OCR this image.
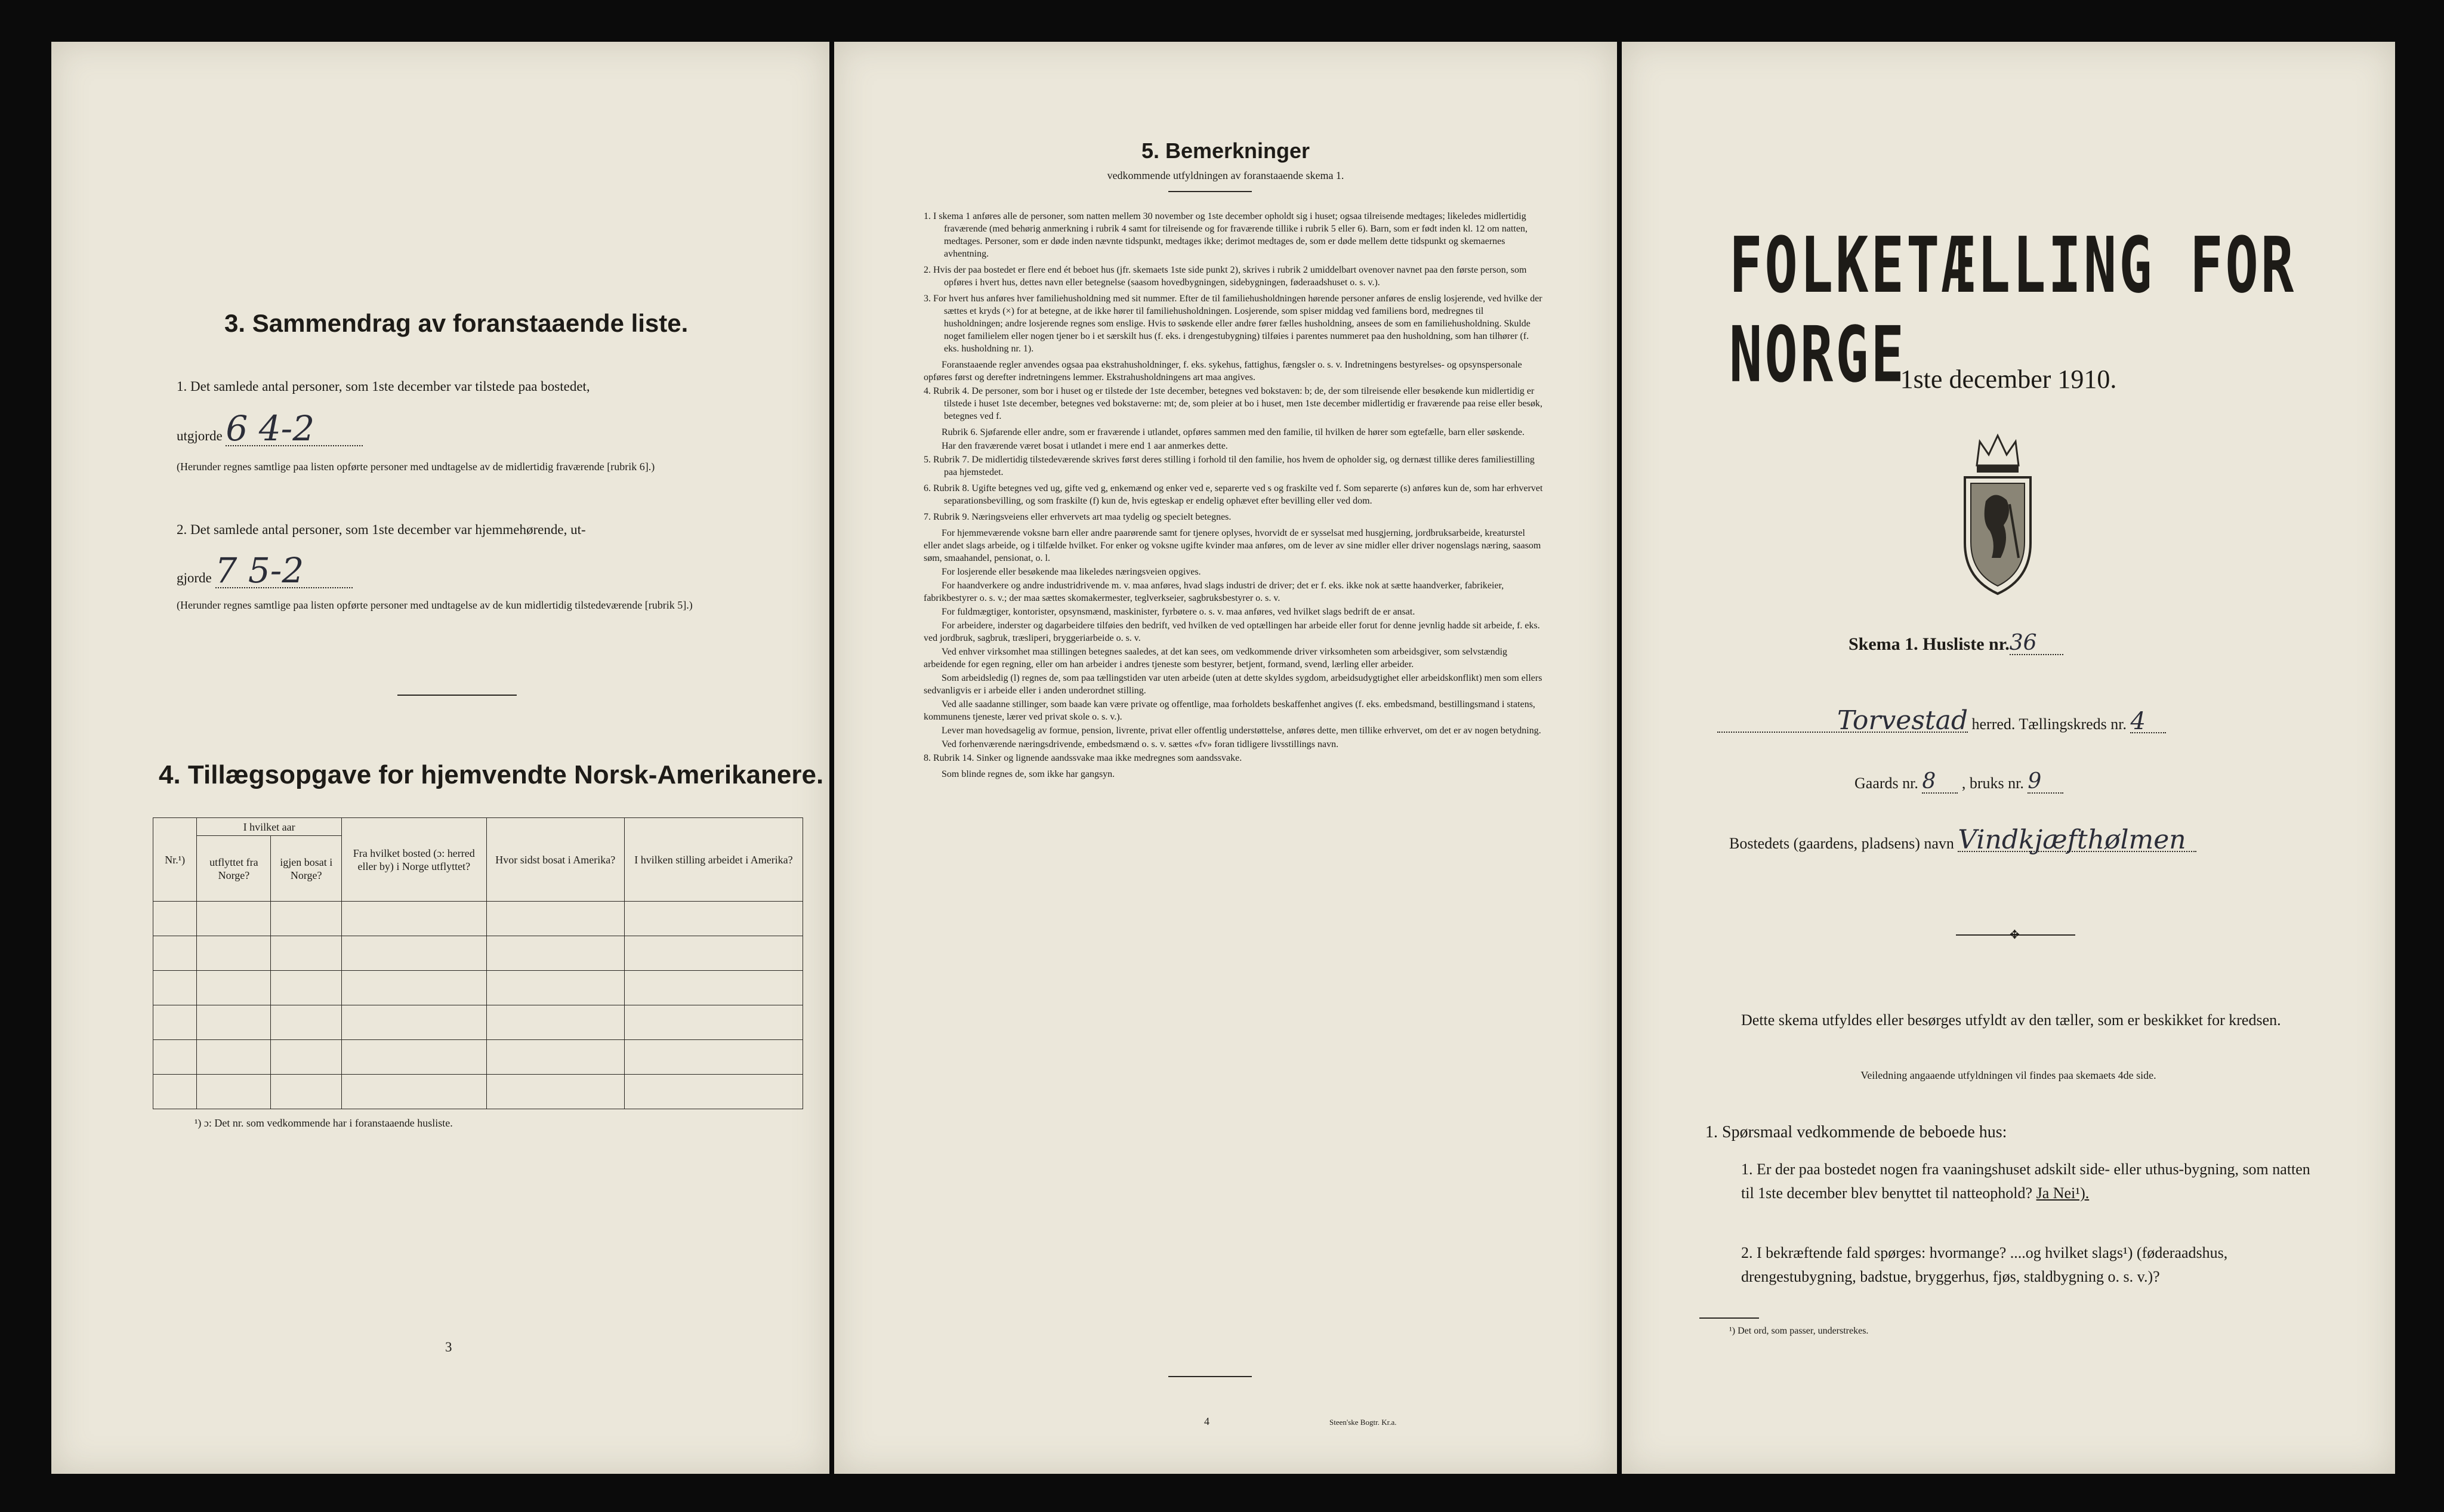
3. Sammendrag av foranstaaende liste.
1. Det samlede antal personer, som 1ste december var tilstede paa bostedet,
utgjorde 6 4-2
(Herunder regnes samtlige paa listen opførte personer med undtagelse av de midlertidig fraværende [rubrik 6].)
2. Det samlede antal personer, som 1ste december var hjemmehørende, ut-
gjorde 7 5-2
(Herunder regnes samtlige paa listen opførte personer med undtagelse av de kun midlertidig tilstedeværende [rubrik 5].)
4. Tillægsopgave for hjemvendte Norsk-Amerikanere.
Nr.¹)	I hvilket aar		Fra hvilket bosted (ɔ: herred eller by) i Norge utflyttet?	Hvor sidst bosat i Amerika?	I hvilken stilling arbeidet i Amerika?
	utflyttet fra Norge?	igjen bosat i Norge?			

¹) ɔ: Det nr. som vedkommende har i foranstaaende husliste.
3
5. Bemerkninger
vedkommende utfyldningen av foranstaaende skema 1.
1. I skema 1 anføres alle de personer, som natten mellem 30 november og 1ste december opholdt sig i huset; ogsaa tilreisende medtages; likeledes midlertidig fraværende (med behørig anmerkning i rubrik 4 samt for tilreisende og for fraværende tillike i rubrik 5 eller 6). Barn, som er født inden kl. 12 om natten, medtages. Personer, som er døde inden nævnte tidspunkt, medtages ikke; derimot medtages de, som er døde mellem dette tidspunkt og skemaernes avhentning.
2. Hvis der paa bostedet er flere end ét beboet hus (jfr. skemaets 1ste side punkt 2), skrives i rubrik 2 umiddelbart ovenover navnet paa den første person, som opføres i hvert hus, dettes navn eller betegnelse (saasom hovedbygningen, sidebygningen, føderaadshuset o. s. v.).
3. For hvert hus anføres hver familiehusholdning med sit nummer. Efter de til familiehusholdningen hørende personer anføres de enslig losjerende, ved hvilke der sættes et kryds (×) for at betegne, at de ikke hører til familiehusholdningen. Losjerende, som spiser middag ved familiens bord, medregnes til husholdningen; andre losjerende regnes som enslige. Hvis to søskende eller andre fører fælles husholdning, ansees de som en familiehusholdning. Skulde noget familielem eller nogen tjener bo i et særskilt hus (f. eks. i drengestubygning) tilføies i parentes nummeret paa den husholdning, som han tilhører (f. eks. husholdning nr. 1).
Foranstaaende regler anvendes ogsaa paa ekstrahusholdninger, f. eks. sykehus, fattighus, fængsler o. s. v. Indretningens bestyrelses- og opsynspersonale opføres først og derefter indretningens lemmer. Ekstrahusholdningens art maa angives.
4. Rubrik 4. De personer, som bor i huset og er tilstede der 1ste december, betegnes ved bokstaven: b; de, der som tilreisende eller besøkende kun midlertidig er tilstede i huset 1ste december, betegnes ved bokstaverne: mt; de, som pleier at bo i huset, men 1ste december midlertidig er fraværende paa reise eller besøk, betegnes ved f.
Rubrik 6. Sjøfarende eller andre, som er fraværende i utlandet, opføres sammen med den familie, til hvilken de hører som egtefælle, barn eller søskende.
Har den fraværende været bosat i utlandet i mere end 1 aar anmerkes dette.
5. Rubrik 7. De midlertidig tilstedeværende skrives først deres stilling i forhold til den familie, hos hvem de opholder sig, og dernæst tillike deres familiestilling paa hjemstedet.
6. Rubrik 8. Ugifte betegnes ved ug, gifte ved g, enkemænd og enker ved e, separerte ved s og fraskilte ved f. Som separerte (s) anføres kun de, som har erhvervet separationsbevilling, og som fraskilte (f) kun de, hvis egteskap er endelig ophævet efter bevilling eller ved dom.
7. Rubrik 9. Næringsveiens eller erhvervets art maa tydelig og specielt betegnes.
For hjemmeværende voksne barn eller andre paarørende samt for tjenere oplyses, hvorvidt de er sysselsat med husgjerning, jordbruksarbeide, kreaturstel eller andet slags arbeide, og i tilfælde hvilket. For enker og voksne ugifte kvinder maa anføres, om de lever av sine midler eller driver nogenslags næring, saasom søm, smaahandel, pensionat, o. l.
For losjerende eller besøkende maa likeledes næringsveien opgives.
For haandverkere og andre industridrivende m. v. maa anføres, hvad slags industri de driver; det er f. eks. ikke nok at sætte haandverker, fabrikeier, fabrikbestyrer o. s. v.; der maa sættes skomakermester, teglverkseier, sagbruksbestyrer o. s. v.
For fuldmægtiger, kontorister, opsynsmænd, maskinister, fyrbøtere o. s. v. maa anføres, ved hvilket slags bedrift de er ansat.
For arbeidere, inderster og dagarbeidere tilføies den bedrift, ved hvilken de ved optællingen har arbeide eller forut for denne jevnlig hadde sit arbeide, f. eks. ved jordbruk, sagbruk, træsliperi, bryggeriarbeide o. s. v.
Ved enhver virksomhet maa stillingen betegnes saaledes, at det kan sees, om vedkommende driver virksomheten som arbeidsgiver, som selvstændig arbeidende for egen regning, eller om han arbeider i andres tjeneste som bestyrer, betjent, formand, svend, lærling eller arbeider.
Som arbeidsledig (l) regnes de, som paa tællingstiden var uten arbeide (uten at dette skyldes sygdom, arbeidsudygtighet eller arbeidskonflikt) men som ellers sedvanligvis er i arbeide eller i anden underordnet stilling.
Ved alle saadanne stillinger, som baade kan være private og offentlige, maa forholdets beskaffenhet angives (f. eks. embedsmand, bestillingsmand i statens, kommunens tjeneste, lærer ved privat skole o. s. v.).
Lever man hovedsagelig av formue, pension, livrente, privat eller offentlig understøttelse, anføres dette, men tillike erhvervet, om det er av nogen betydning.
Ved forhenværende næringsdrivende, embedsmænd o. s. v. sættes «fv» foran tidligere livsstillings navn.
8. Rubrik 14. Sinker og lignende aandssvake maa ikke medregnes som aandssvake.
Som blinde regnes de, som ikke har gangsyn.
4	Steen'ske Bogtr. Kr.a.
FOLKETÆLLING FOR NORGE
1ste december 1910.
Skema 1. Husliste nr.36
Torvestad herred. Tællingskreds nr. 4
Gaards nr. 8 , bruks nr. 9
Bostedets (gaardens, pladsens) navn Vindkjæfthølmen
✥
Dette skema utfyldes eller besørges utfyldt av den tæller, som er beskikket for kredsen.
Veiledning angaaende utfyldningen vil findes paa skemaets 4de side.
1. Spørsmaal vedkommende de beboede hus:
1. Er der paa bostedet nogen fra vaaningshuset adskilt side- eller uthus-bygning, som natten til 1ste december blev benyttet til natteophold? Ja Nei¹).
2. I bekræftende fald spørges: hvormange? ....og hvilket slags¹) (føderaadshus, drengestubygning, badstue, bryggerhus, fjøs, staldbygning o. s. v.)?
¹) Det ord, som passer, understrekes.
